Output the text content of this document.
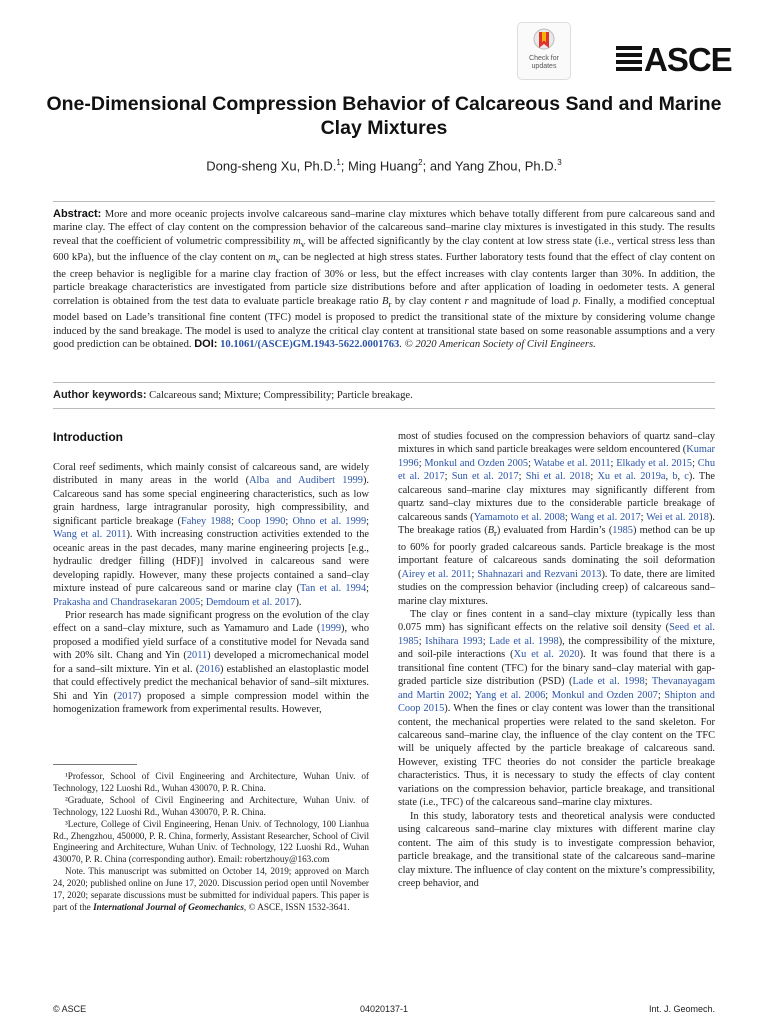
Check for updates	ASCE
One-Dimensional Compression Behavior of Calcareous Sand and Marine Clay Mixtures
Dong-sheng Xu, Ph.D.$^1$; Ming Huang$^2$; and Yang Zhou, Ph.D.$^3$
Abstract: More and more oceanic projects involve calcareous sand–marine clay mixtures which behave totally different from pure calcareous sand and marine clay. The effect of clay content on the compression behavior of the calcareous sand–marine clay mixtures is investigated in this study. The results reveal that the coefficient of volumetric compressibility $m_v$ will be affected significantly by the clay content at low stress state (i.e., vertical stress less than 600 kPa), but the influence of the clay content on $m_v$ can be neglected at high stress states. Further laboratory tests found that the effect of clay content on the creep behavior is negligible for a marine clay fraction of 30% or less, but the effect increases with clay contents larger than 30%. In addition, the particle breakage characteristics are investigated from particle size distributions before and after application of loading in oedometer tests. A general correlation is obtained from the test data to evaluate particle breakage ratio $B_r$ by clay content r and magnitude of load p. Finally, a modified conceptual model based on Lade’s transitional fine content (TFC) model is proposed to predict the transitional state of the mixture by considering volume change induced by the sand breakage. The model is used to analyze the critical clay content at transitional state based on some reasonable assumptions and a very good prediction can be obtained. DOI: 10.1061/(ASCE)GM.1943-5622.0001763. © 2020 American Society of Civil Engineers.
Author keywords: Calcareous sand; Mixture; Compressibility; Particle breakage.
Introduction

Coral reef sediments, which mainly consist of calcareous sand, are widely distributed in many areas in the world (Alba and Audibert 1999). Calcareous sand has some special engineering characteristics, such as low grain hardness, large intragranular porosity, high compressibility, and significant particle breakage (Fahey 1988; Coop 1990; Ohno et al. 1999; Wang et al. 2011). With increasing construction activities extended to the oceanic areas in the past decades, many marine engineering projects [e.g., hydraulic dredger filling (HDF)] involved in calcareous sand were developing rapidly. However, many these projects contained a sand–clay mixture instead of pure calcareous sand or marine clay (Tan et al. 1994; Prakasha and Chandrasekaran 2005; Demdoum et al. 2017).

Prior research has made significant progress on the evolution of the clay effect on a sand–clay mixture, such as Yamamuro and Lade (1999), who proposed a modified yield surface of a constitutive model for Nevada sand with 20% silt. Chang and Yin (2011) developed a micromechanical model for a sand–silt mixture. Yin et al. (2016) established an elastoplastic model that could effectively predict the mechanical behavior of sand–silt mixtures. Shi and Yin (2017) proposed a simple compression model within the homogenization framework from experimental results. However,

¹Professor, School of Civil Engineering and Architecture, Wuhan Univ. of Technology, 122 Luoshi Rd., Wuhan 430070, P. R. China.

²Graduate, School of Civil Engineering and Architecture, Wuhan Univ. of Technology, 122 Luoshi Rd., Wuhan 430070, P. R. China.

³Lecture, College of Civil Engineering, Henan Univ. of Technology, 100 Lianhua Rd., Zhengzhou, 450000, P. R. China, formerly, Assistant Researcher, School of Civil Engineering and Architecture, Wuhan Univ. of Technology, 122 Luoshi Rd., Wuhan 430070, P. R. China (corresponding author). Email: robertzhouy@163.com

Note. This manuscript was submitted on October 14, 2019; approved on March 24, 2020; published online on June 17, 2020. Discussion period open until November 17, 2020; separate discussions must be submitted for individual papers. This paper is part of the International Journal of Geomechanics, © ASCE, ISSN 1532-3641.

most of studies focused on the compression behaviors of quartz sand–clay mixtures in which sand particle breakages were seldom encountered (Kumar 1996; Monkul and Ozden 2005; Watabe et al. 2011; Elkady et al. 2015; Chu et al. 2017; Sun et al. 2017; Shi et al. 2018; Xu et al. 2019a, b, c). The calcareous sand–marine clay mixtures may significantly different from quartz sand–clay mixtures due to the considerable particle breakage of calcareous sands (Yamamoto et al. 2008; Wang et al. 2017; Wei et al. 2018). The breakage ratios $(B_r)$ evaluated from Hardin’s (1985) method can be up to 60% for poorly graded calcareous sands. Particle breakage is the most important feature of calcareous sands dominating the soil deformation (Airey et al. 2011; Shahnazari and Rezvani 2013). To date, there are limited studies on the compression behavior (including creep) of calcareous sand–marine clay mixtures.

The clay or fines content in a sand–clay mixture (typically less than 0.075 mm) has significant effects on the relative soil density (Seed et al. 1985; Ishihara 1993; Lade et al. 1998), the compressibility of the mixture, and soil-pile interactions (Xu et al. 2020). It was found that there is a transitional fine content (TFC) for the binary sand–clay material with gap-graded particle size distribution (PSD) (Lade et al. 1998; Thevanayagam and Martin 2002; Yang et al. 2006; Monkul and Ozden 2007; Shipton and Coop 2015). When the fines or clay content was lower than the transitional content, the mechanical properties were related to the sand skeleton. For calcareous sand–marine clay, the influence of the clay content on the TFC will be uniquely affected by the particle breakage of calcareous sand. However, existing TFC theories do not consider the particle breakage characteristics. Thus, it is necessary to study the effects of clay content variations on the compression behavior, particle breakage, and transitional state (i.e., TFC) of the calcareous sand–marine clay mixtures.

In this study, laboratory tests and theoretical analysis were conducted using calcareous sand–marine clay mixtures with different marine clay content. The aim of this study is to investigate compression behavior, particle breakage, and the transitional state of the calcareous sand–marine clay mixture. The influence of clay content on the mixture’s compressibility, creep behavior, and

© ASCE	04020137-1	Int. J. Geomech.
